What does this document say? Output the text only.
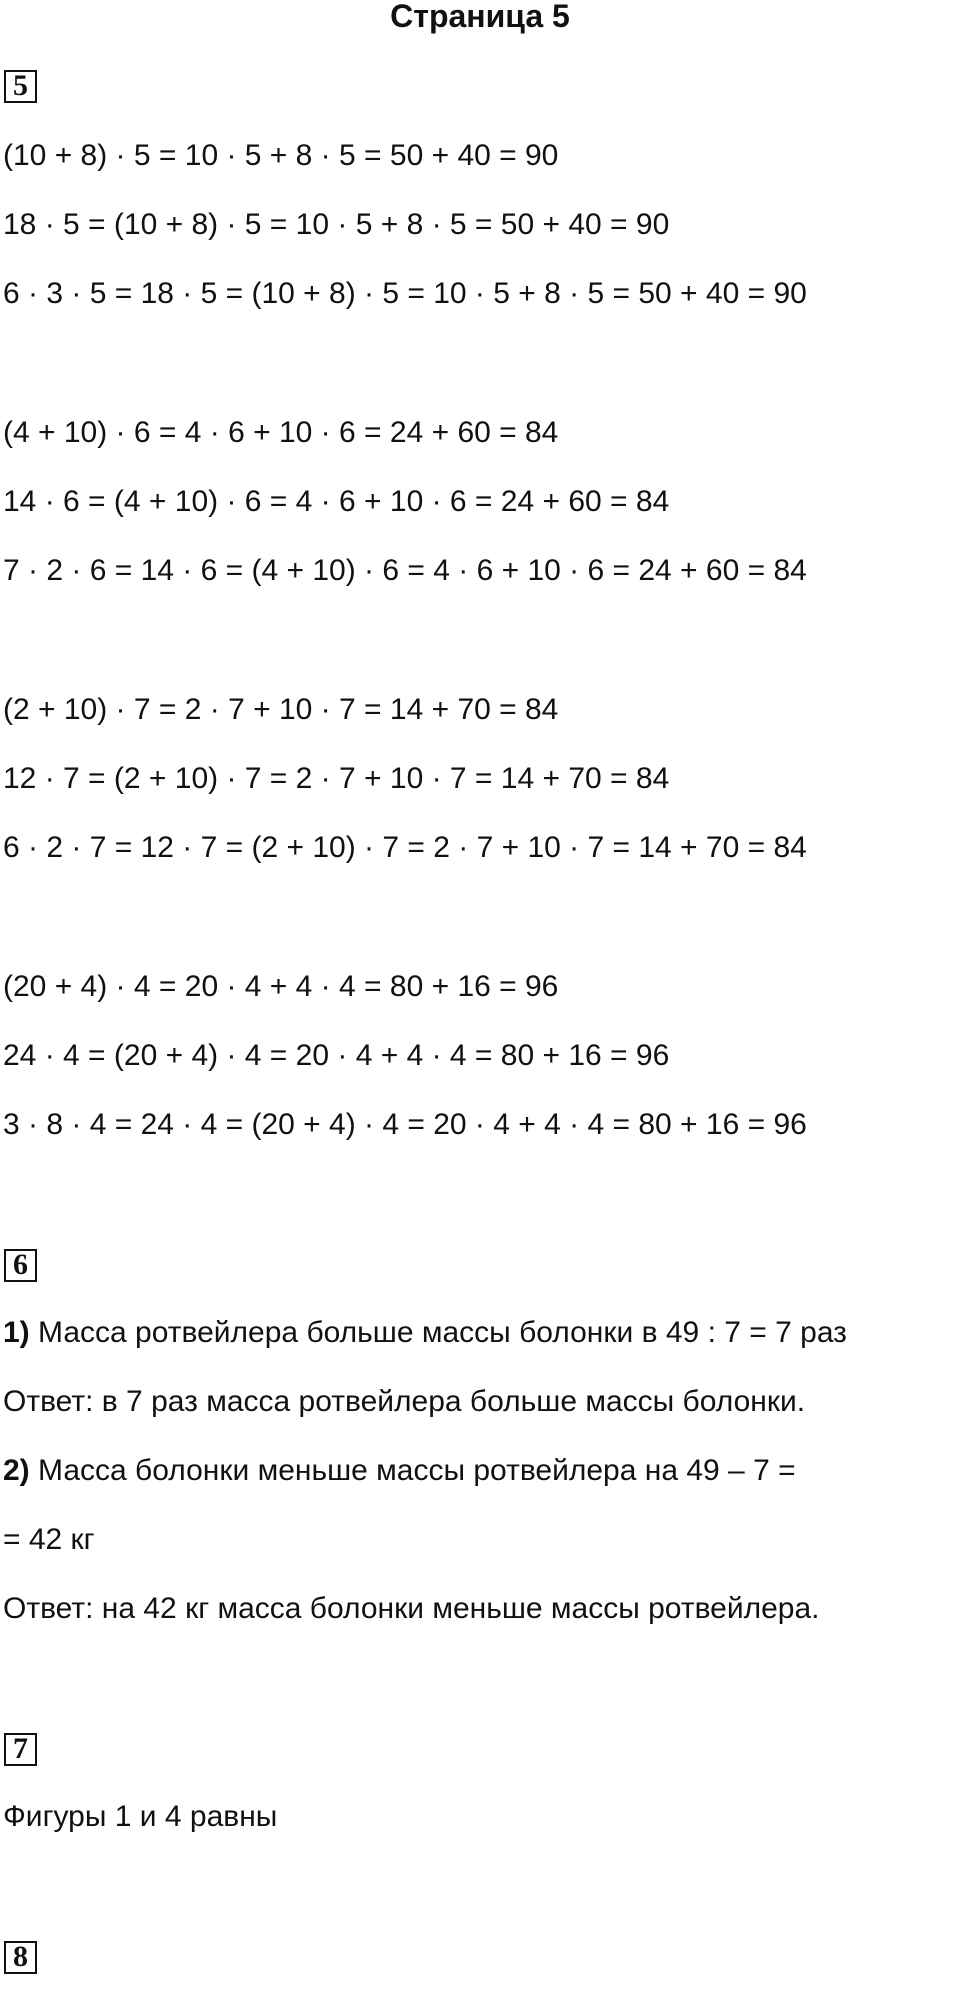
Страница 5
5
(10 + 8) · 5 = 10 · 5 + 8 · 5 = 50 + 40 = 90
18 · 5 = (10 + 8) · 5 = 10 · 5 + 8 · 5 = 50 + 40 = 90
6 · 3 · 5 = 18 · 5 = (10 + 8) · 5 = 10 · 5 + 8 · 5 = 50 + 40 = 90
(4 + 10) · 6 = 4 · 6 + 10 · 6 = 24 + 60 = 84
14 · 6 = (4 + 10) · 6 = 4 · 6 + 10 · 6 = 24 + 60 = 84
7 · 2 · 6 = 14 · 6 = (4 + 10) · 6 = 4 · 6 + 10 · 6 = 24 + 60 = 84
(2 + 10) · 7 = 2 · 7 + 10 · 7 = 14 + 70 = 84
12 · 7 = (2 + 10) · 7 = 2 · 7 + 10 · 7 = 14 + 70 = 84
6 · 2 · 7 = 12 · 7 = (2 + 10) · 7 = 2 · 7 + 10 · 7 = 14 + 70 = 84
(20 + 4) · 4 = 20 · 4 + 4 · 4 = 80 + 16 = 96
24 · 4 = (20 + 4) · 4 = 20 · 4 + 4 · 4 = 80 + 16 = 96
3 · 8 · 4 = 24 · 4 = (20 + 4) · 4 = 20 · 4 + 4 · 4 = 80 + 16 = 96
6
1) Масса ротвейлера больше массы болонки в 49 : 7 = 7 раз
Ответ: в 7 раз масса ротвейлера больше массы болонки.
2) Масса болонки меньше массы ротвейлера на 49 – 7 =
= 42 кг
Ответ: на 42 кг масса болонки меньше массы ротвейлера.
7
Фигуры 1 и 4 равны
8
